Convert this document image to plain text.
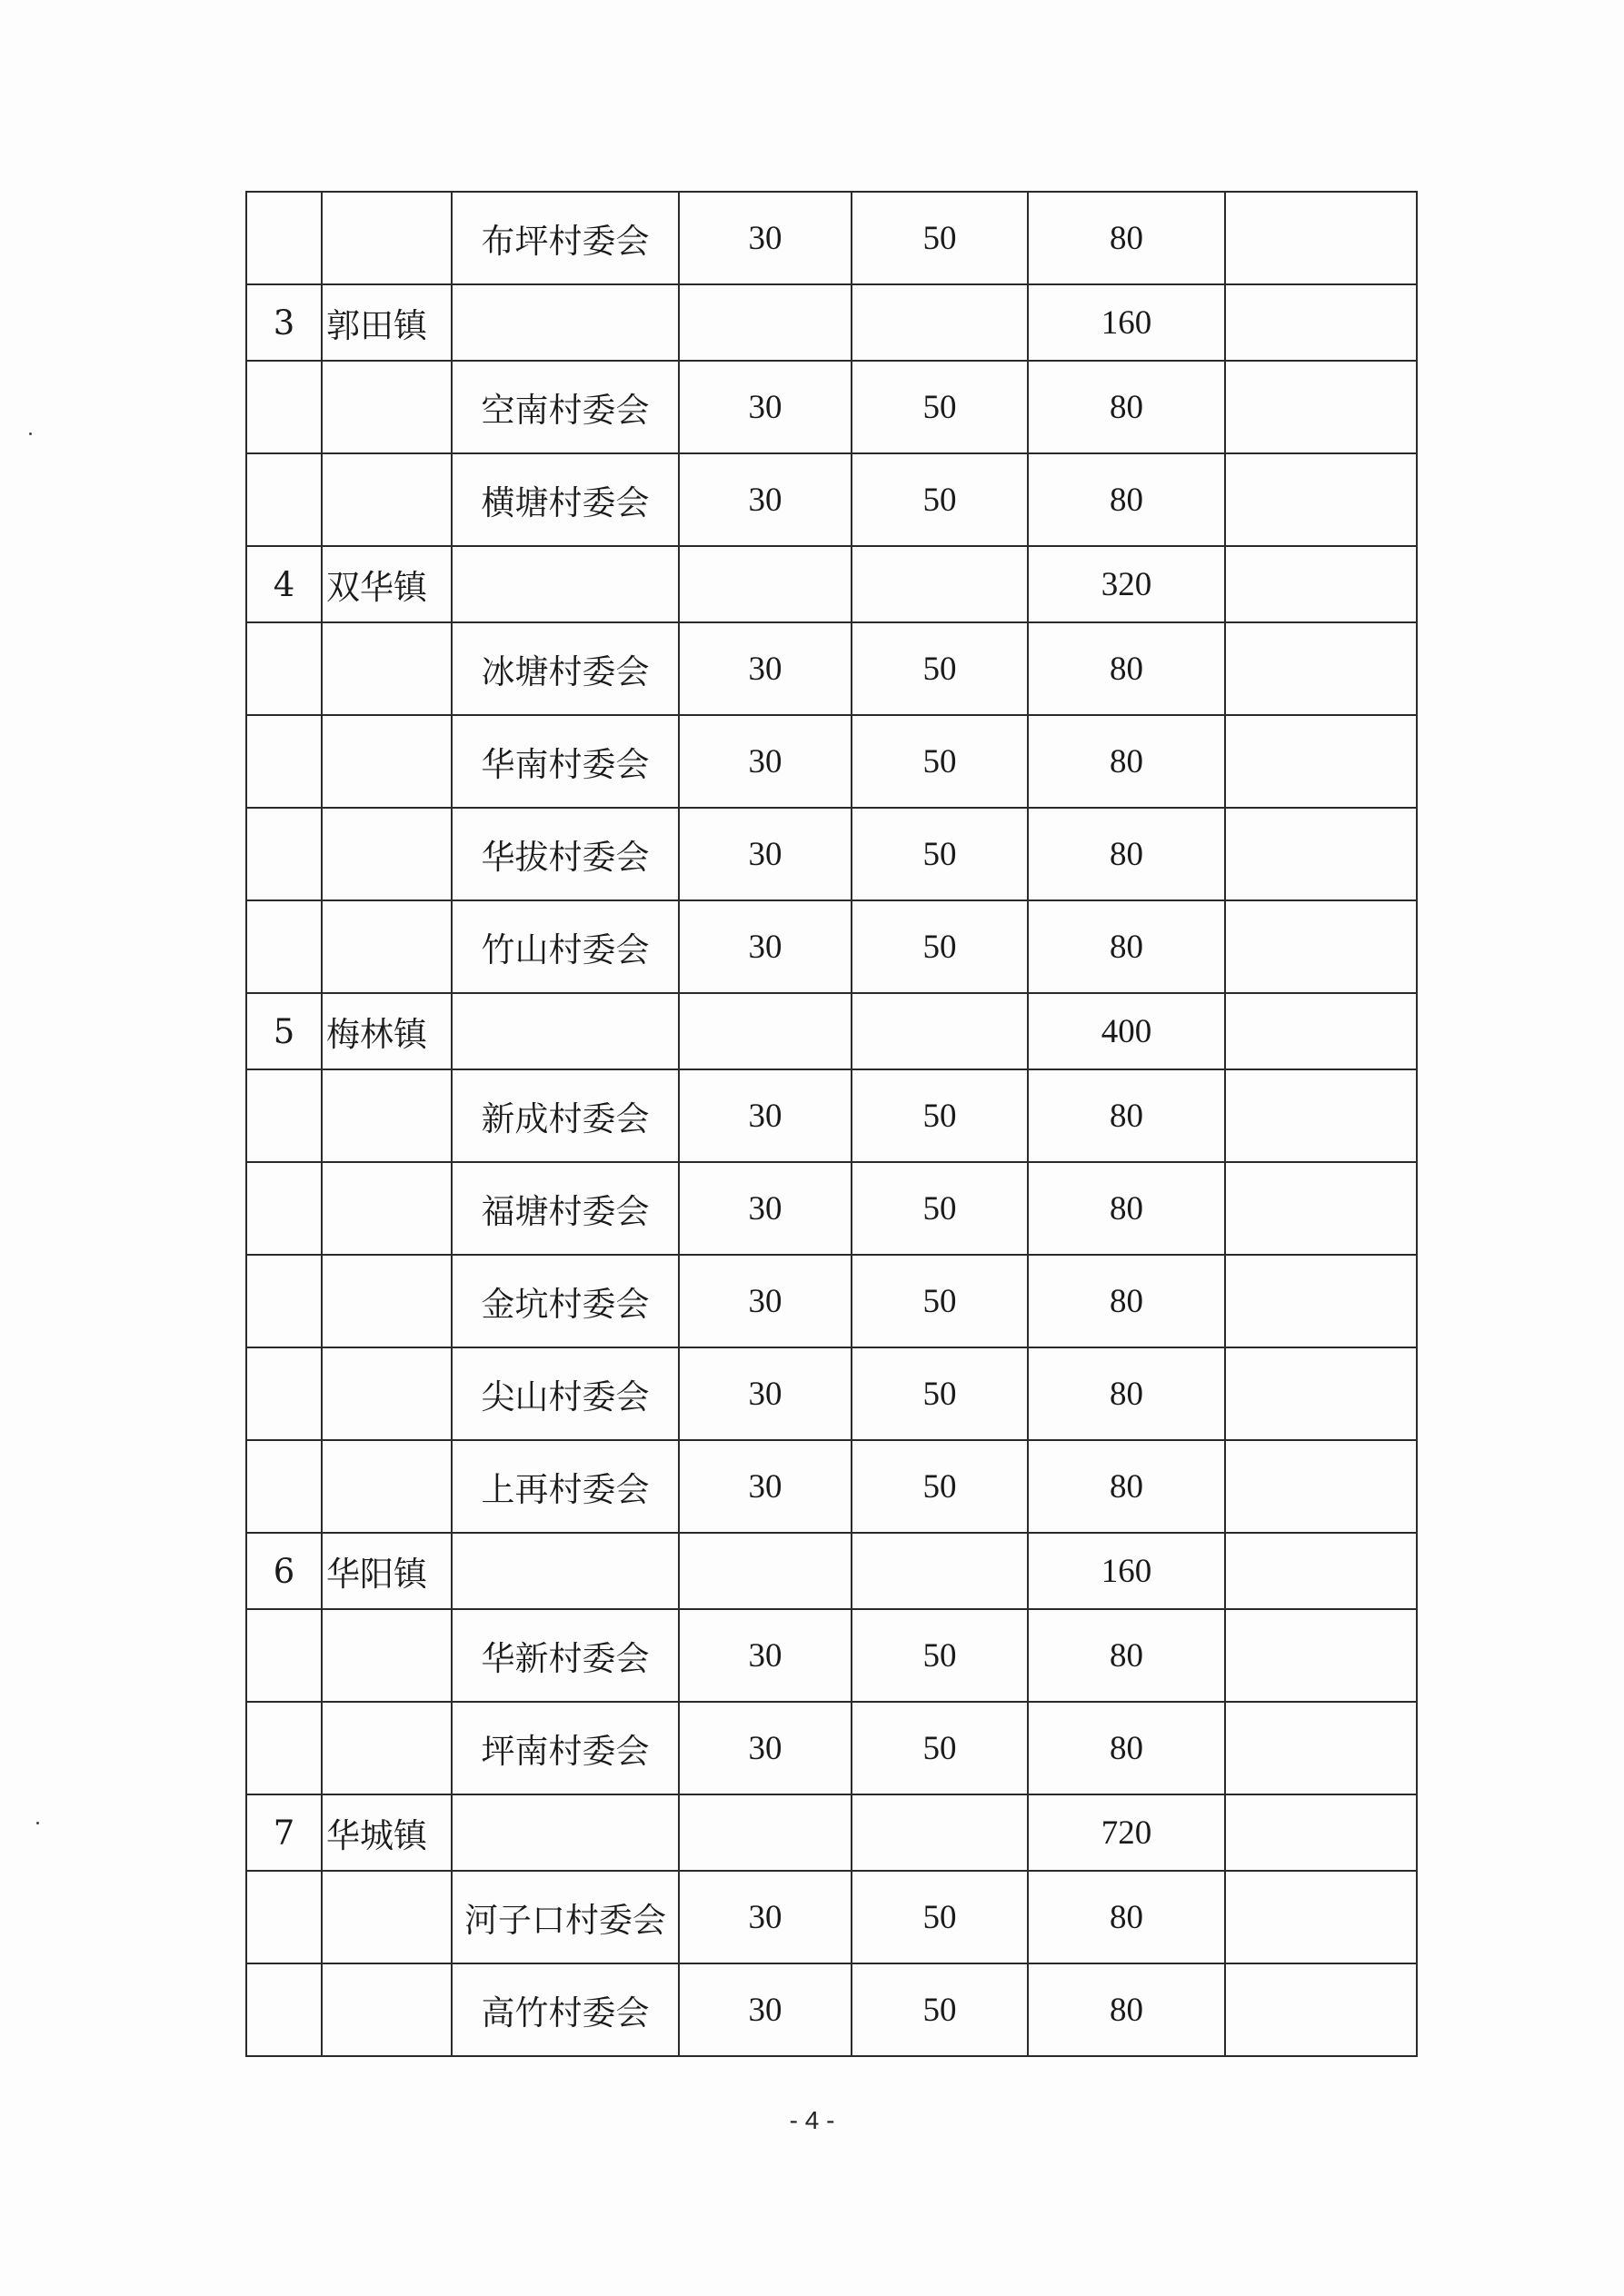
		布坪村委会	30	50	80	
3	郭田镇				160	
		空南村委会	30	50	80	
		横塘村委会	30	50	80	
4	双华镇				320	
		冰塘村委会	30	50	80	
		华南村委会	30	50	80	
		华拔村委会	30	50	80	
		竹山村委会	30	50	80	
5	梅林镇				400	
		新成村委会	30	50	80	
		福塘村委会	30	50	80	
		金坑村委会	30	50	80	
		尖山村委会	30	50	80	
		上再村委会	30	50	80	
6	华阳镇				160	
		华新村委会	30	50	80	
		坪南村委会	30	50	80	
7	华城镇				720	
		河子口村委会	30	50	80	
		高竹村委会	30	50	80	
- 4 -
